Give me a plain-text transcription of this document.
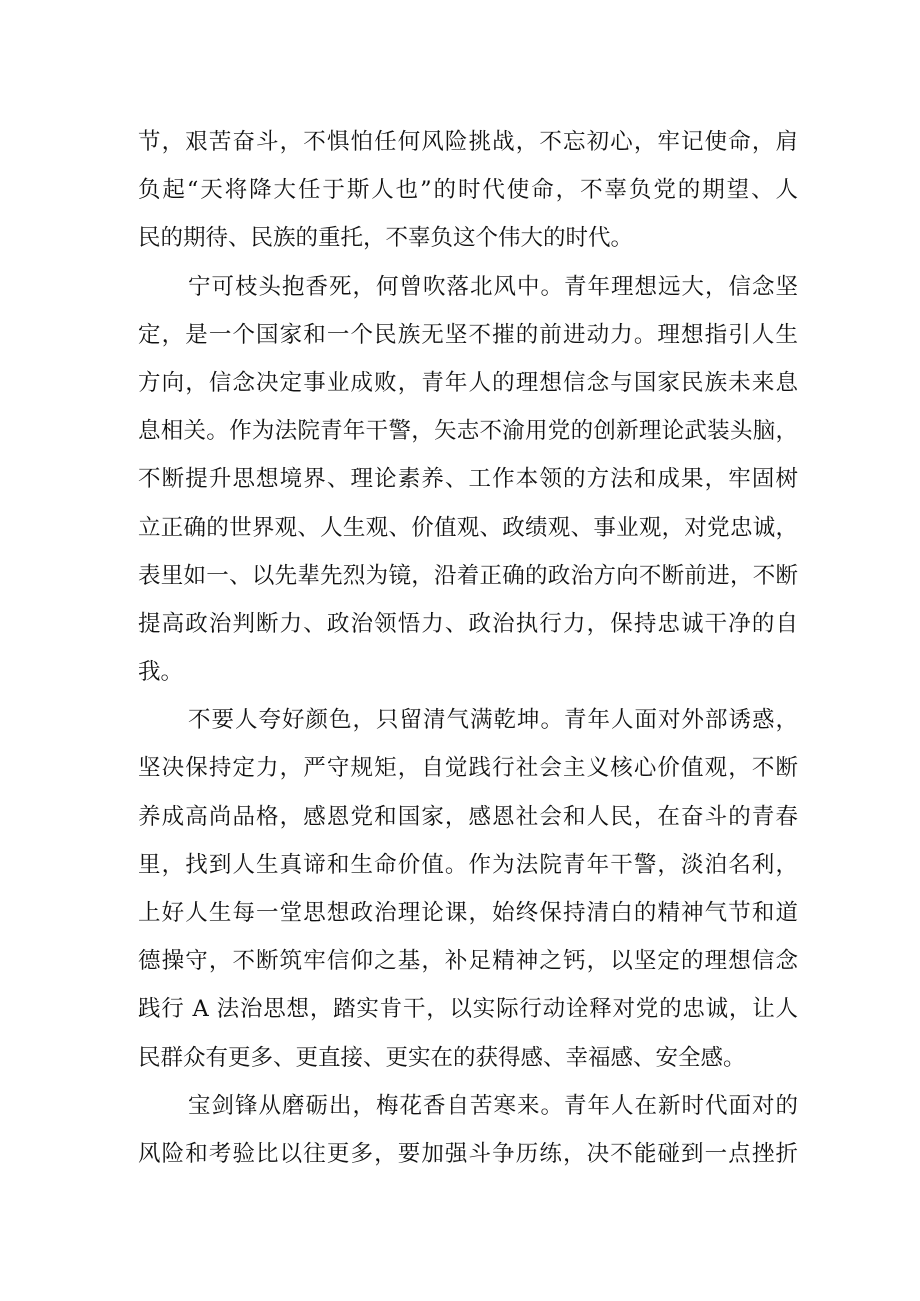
节，艰苦奋斗，不惧怕任何风险挑战，不忘初心，牢记使命，肩
负起“天将降大任于斯人也”的时代使命，不辜负党的期望、人
民的期待、民族的重托，不辜负这个伟大的时代。
宁可枝头抱香死，何曾吹落北风中。青年理想远大，信念坚
定，是一个国家和一个民族无坚不摧的前进动力。理想指引人生
方向，信念决定事业成败，青年人的理想信念与国家民族未来息
息相关。作为法院青年干警，矢志不渝用党的创新理论武装头脑，
不断提升思想境界、理论素养、工作本领的方法和成果，牢固树
立正确的世界观、人生观、价值观、政绩观、事业观，对党忠诚，
表里如一、以先辈先烈为镜，沿着正确的政治方向不断前进，不断
提高政治判断力、政治领悟力、政治执行力，保持忠诚干净的自
我。
不要人夸好颜色，只留清气满乾坤。青年人面对外部诱惑，
坚决保持定力，严守规矩，自觉践行社会主义核心价值观，不断
养成高尚品格，感恩党和国家，感恩社会和人民，在奋斗的青春
里，找到人生真谛和生命价值。作为法院青年干警，淡泊名利，
上好人生每一堂思想政治理论课，始终保持清白的精神气节和道
德操守，不断筑牢信仰之基，补足精神之钙，以坚定的理想信念
践行 A 法治思想，踏实肯干，以实际行动诠释对党的忠诚，让人
民群众有更多、更直接、更实在的获得感、幸福感、安全感。
宝剑锋从磨砺出，梅花香自苦寒来。青年人在新时代面对的
风险和考验比以往更多，要加强斗争历练，决不能碰到一点挫折
